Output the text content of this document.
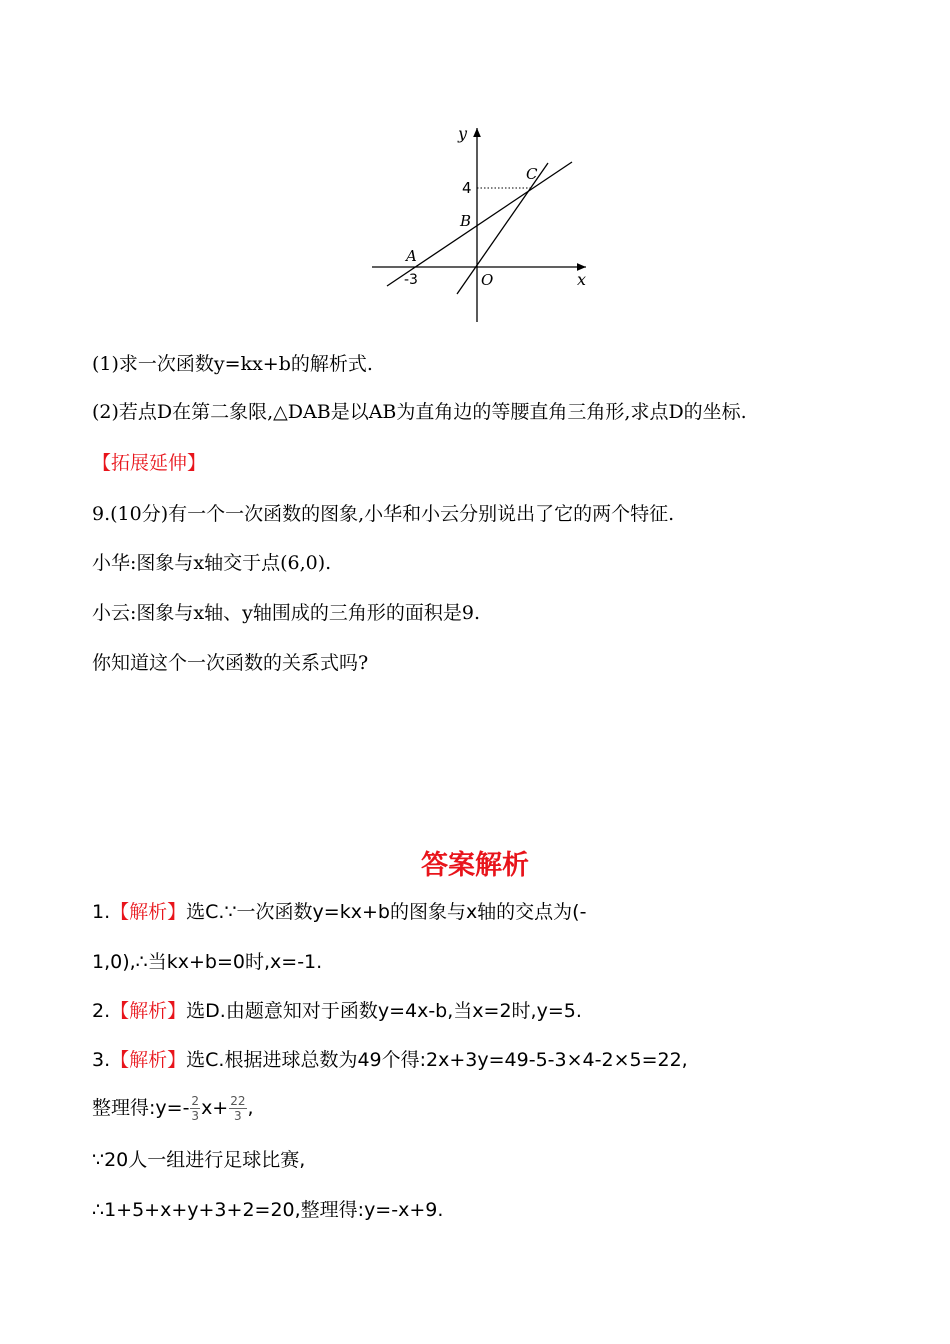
y
x
O
4
-3
A
B
C
(1)求一次函数y=kx+b的解析式.
(2)若点D在第二象限,△DAB是以AB为直角边的等腰直角三角形,求点D的坐标.
【拓展延伸】
9.(10分)有一个一次函数的图象,小华和小云分别说出了它的两个特征.
小华:图象与x轴交于点(6,0).
小云:图象与x轴、y轴围成的三角形的面积是9.
你知道这个一次函数的关系式吗?
答案解析
1.【解析】选C.∵一次函数y=kx+b的图象与x轴的交点为(-
1,0),∴当kx+b=0时,x=-1.
2.【解析】选D.由题意知对于函数y=4x-b,当x=2时,y=5.
3.【解析】选C.根据进球总数为49个得:2x+3y=49-5-3×4-2×5=22,
整理得:y=- $\frac{2}{3} x+ \frac{22}{3}$ ,
∵20人一组进行足球比赛,
∴1+5+x+y+3+2=20,整理得:y=-x+9.
